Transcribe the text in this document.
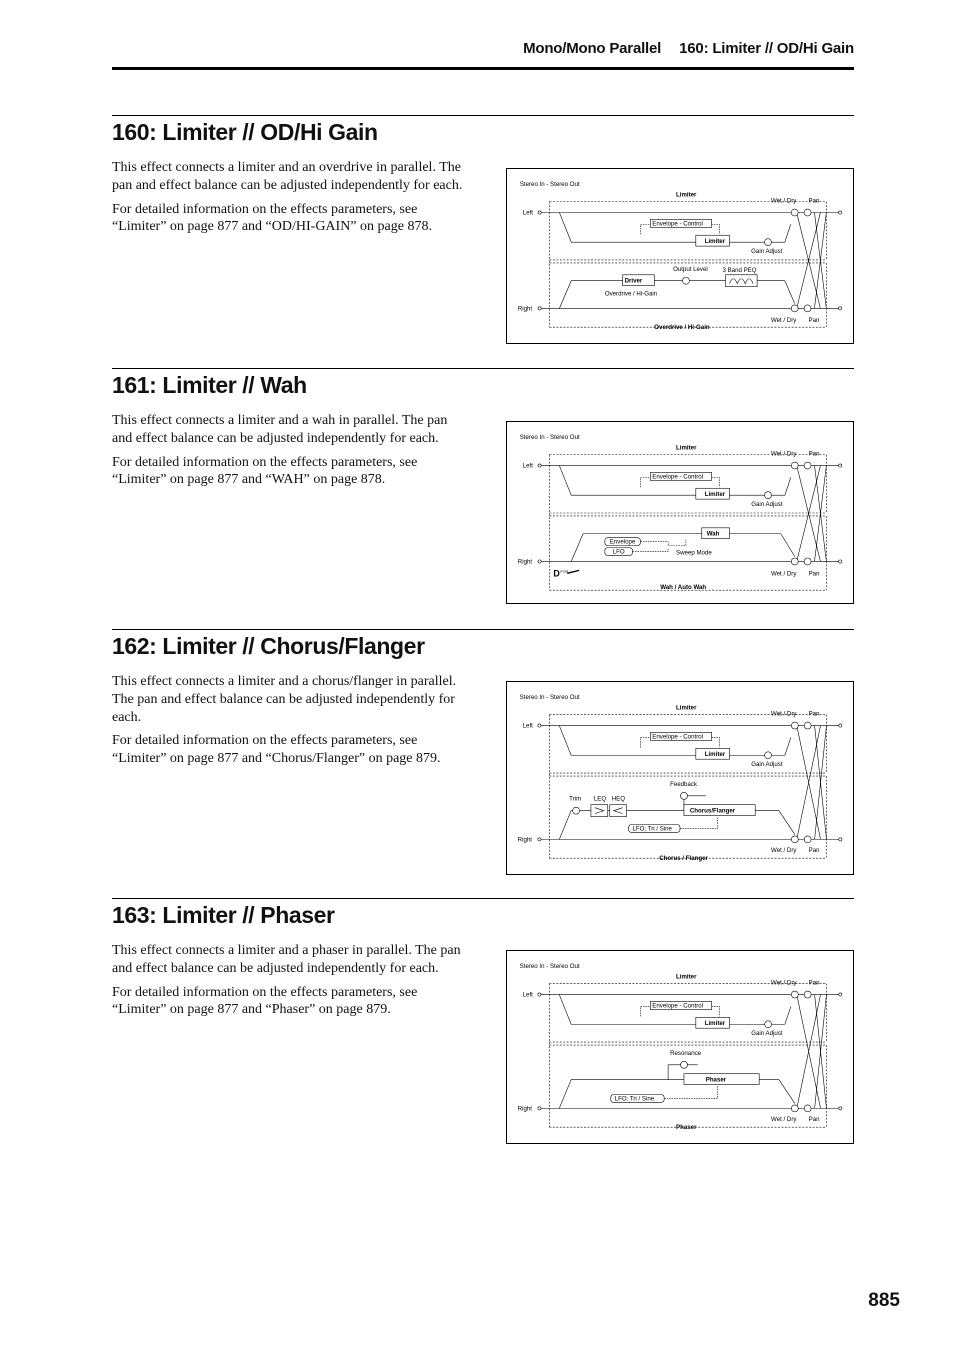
Mono/Mono Parallel 160: Limiter // OD/Hi Gain
160: Limiter // OD/Hi Gain

This effect connects a limiter and an overdrive in parallel. The pan and effect balance can be adjusted independently for each.

For detailed information on the effects parameters, see “Limiter” on page 877 and “OD/HI-GAIN” on page 878.

Stereo In - Stereo Out
Left
Right
Limiter
Envelope - Control
Limiter
Gain Adjust
Wet / Dry Pan
Wet / Dry Pan
Overdrive / Hi-Gain
Driver
Overdrive / Hi-Gain
Output Level 3 Band PEQ
161: Limiter // Wah

This effect connects a limiter and a wah in parallel. The pan and effect balance can be adjusted independently for each.

For detailed information on the effects parameters, see “Limiter” on page 877 and “WAH” on page 878.

Stereo In - Stereo Out
Left
Right
Limiter
Envelope - Control
Limiter
Gain Adjust
Wet / Dry Pan
Wet / Dry Pan
Wah / Auto Wah
Wah
Envelope
LFO	Sweep Mode
D mod
162: Limiter // Chorus/Flanger

This effect connects a limiter and a chorus/flanger in parallel. The pan and effect balance can be adjusted independently for each.

For detailed information on the effects parameters, see “Limiter” on page 877 and “Chorus/Flanger” on page 879.

Stereo In - Stereo Out
Left
Right
Limiter
Envelope - Control
Limiter
Gain Adjust
Wet / Dry Pan
Wet / Dry Pan
Chorus / Flanger
Trim LEQ HEQ
Feedback
Chorus/Flanger
LFO: Tri / Sine
163: Limiter // Phaser

This effect connects a limiter and a phaser in parallel. The pan and effect balance can be adjusted independently for each.

For detailed information on the effects parameters, see “Limiter” on page 877 and “Phaser” on page 879.

Stereo In - Stereo Out
Left
Right
Limiter
Envelope - Control
Limiter
Gain Adjust
Wet / Dry Pan
Wet / Dry Pan
Phaser
Resonance
Phaser
LFO: Tri / Sine
885
